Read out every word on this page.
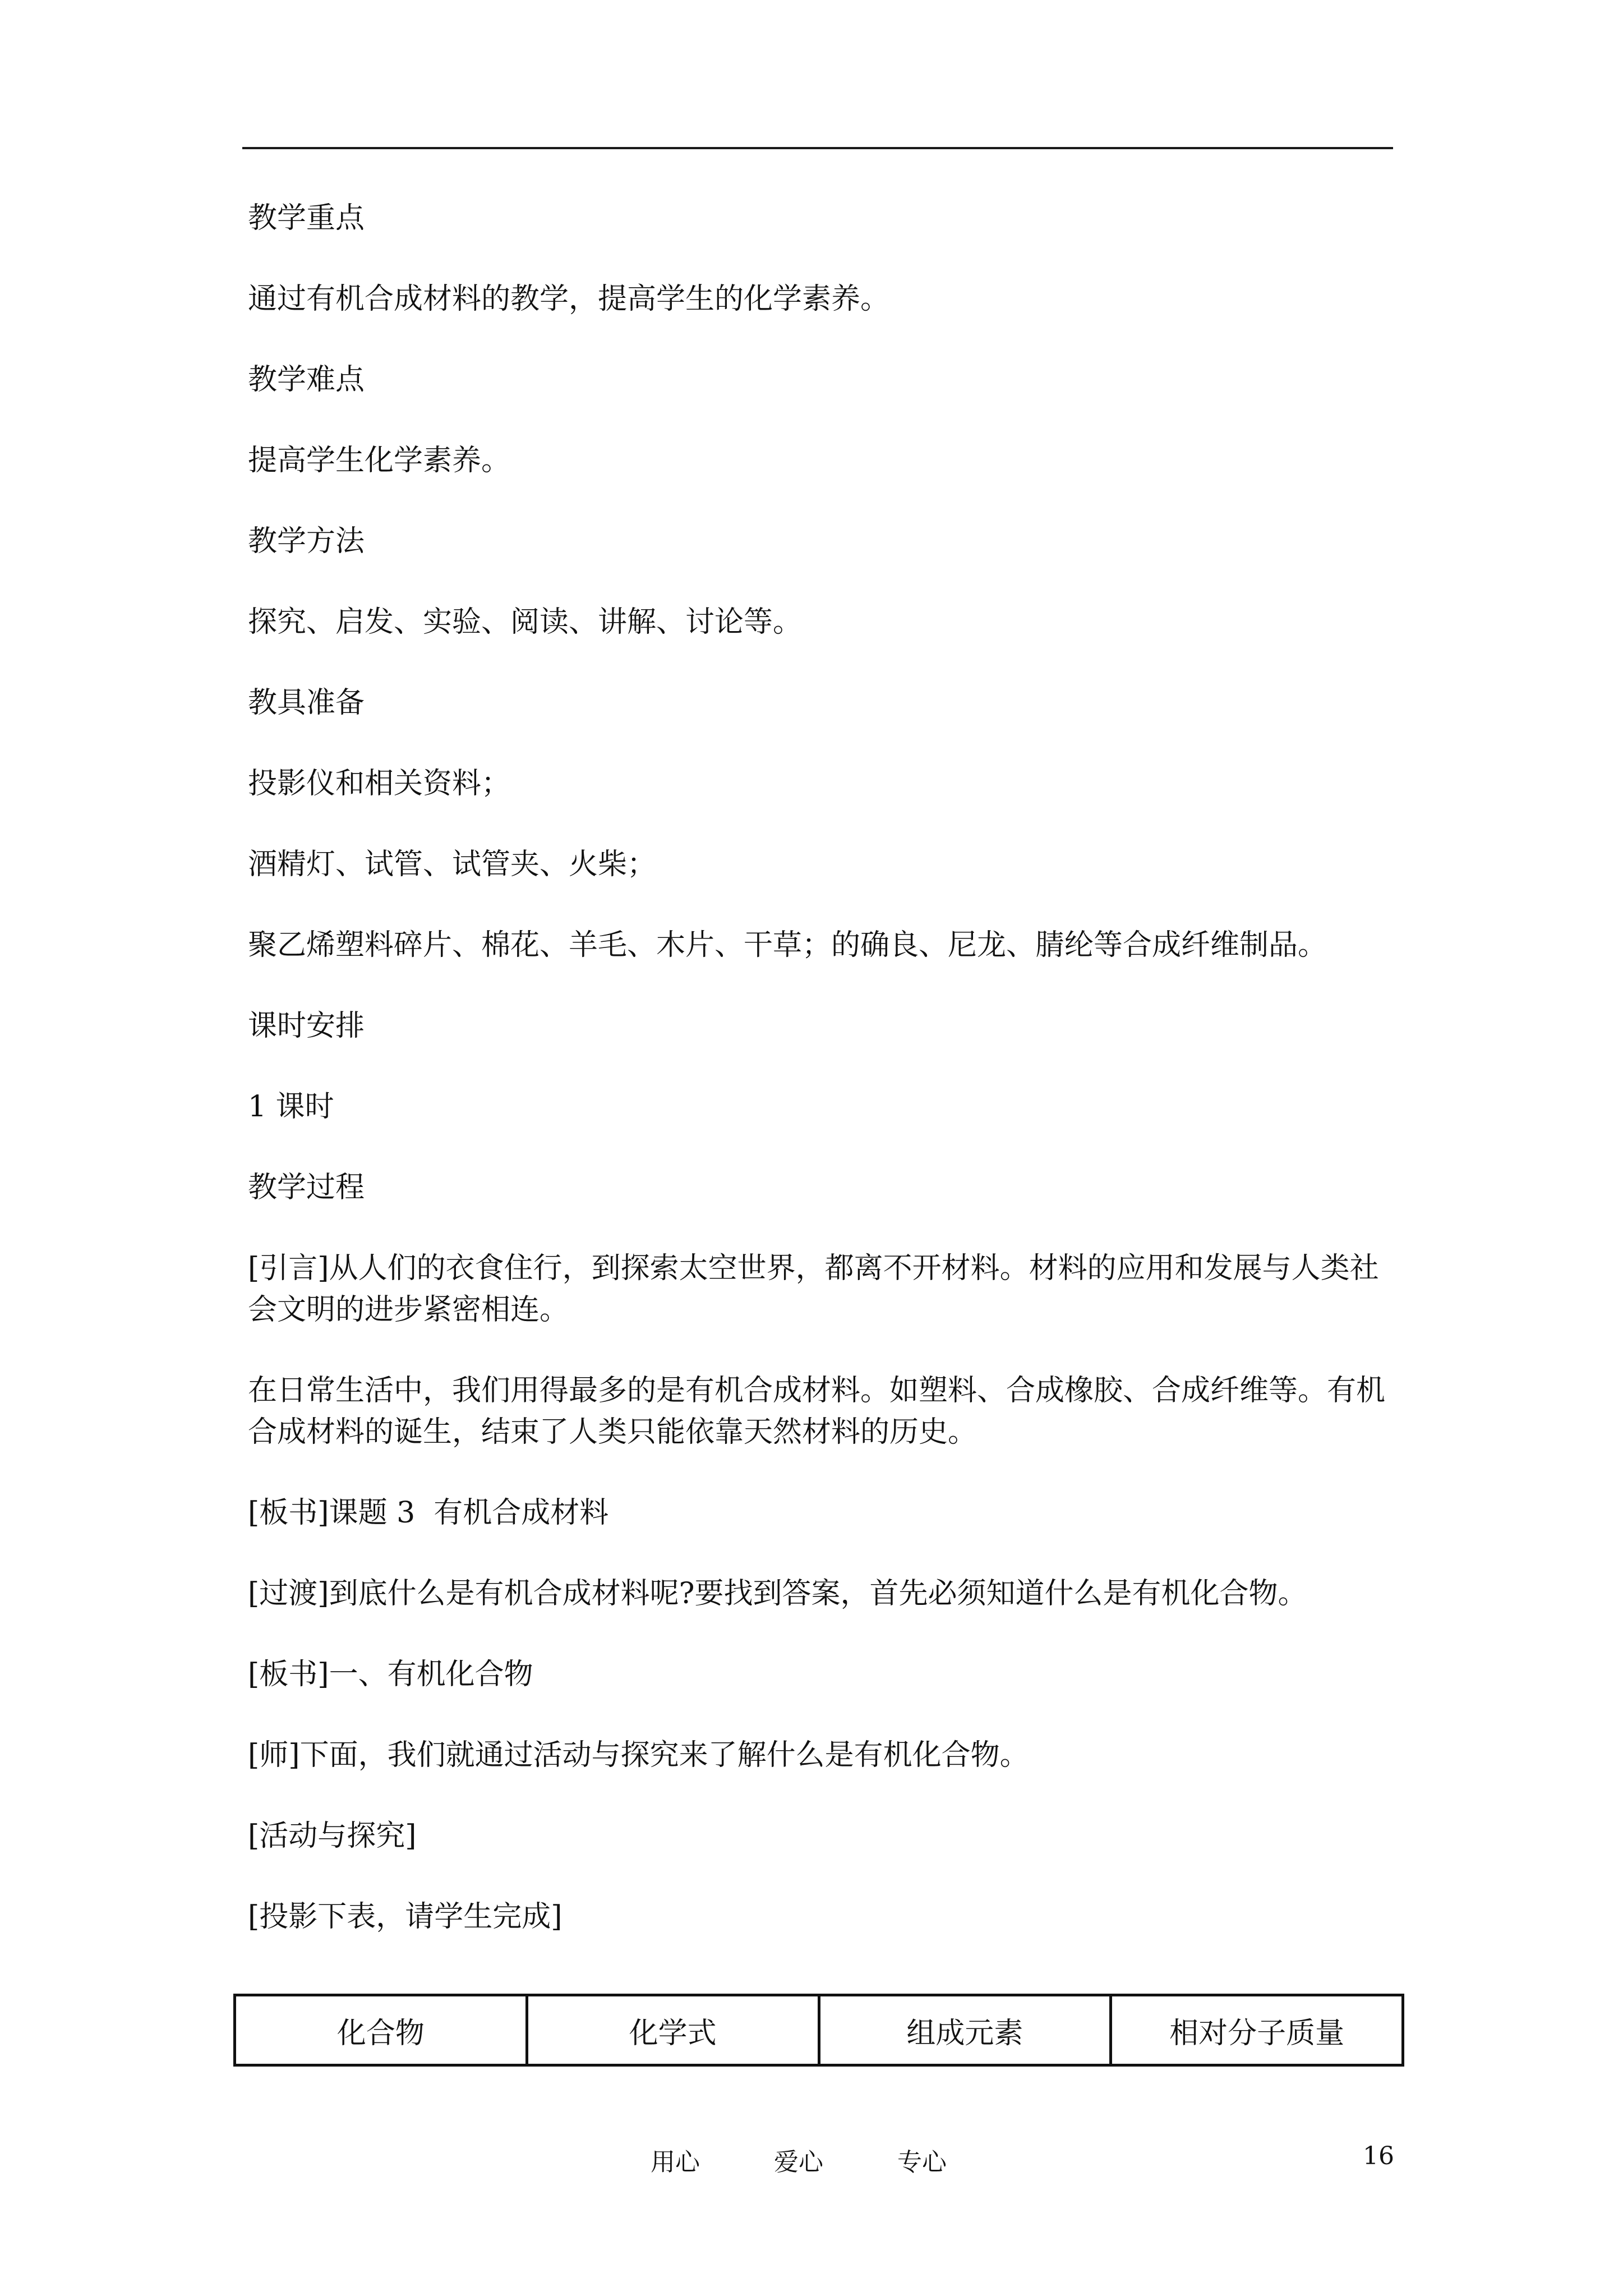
教学重点

通过有机合成材料的教学，提高学生的化学素养。

教学难点

提高学生化学素养。

教学方法

探究、启发、实验、阅读、讲解、讨论等。

教具准备

投影仪和相关资料；

酒精灯、试管、试管夹、火柴；

聚乙烯塑料碎片、棉花、羊毛、木片、干草；的确良、尼龙、腈纶等合成纤维制品。

课时安排

1 课时

教学过程

[引言]从人们的衣食住行，到探索太空世界，都离不开材料。材料的应用和发展与人类社会文明的进步紧密相连。

在日常生活中，我们用得最多的是有机合成材料。如塑料、合成橡胶、合成纤维等。有机合成材料的诞生，结束了人类只能依靠天然材料的历史。

[板书]课题 3  有机合成材料

[过渡]到底什么是有机合成材料呢?要找到答案，首先必须知道什么是有机化合物。

[板书]一、有机化合物

[师]下面，我们就通过活动与探究来了解什么是有机化合物。

[活动与探究]

[投影下表，请学生完成]

化合物	化学式	组成元素	相对分子质量
用心	爱心	专心	16
